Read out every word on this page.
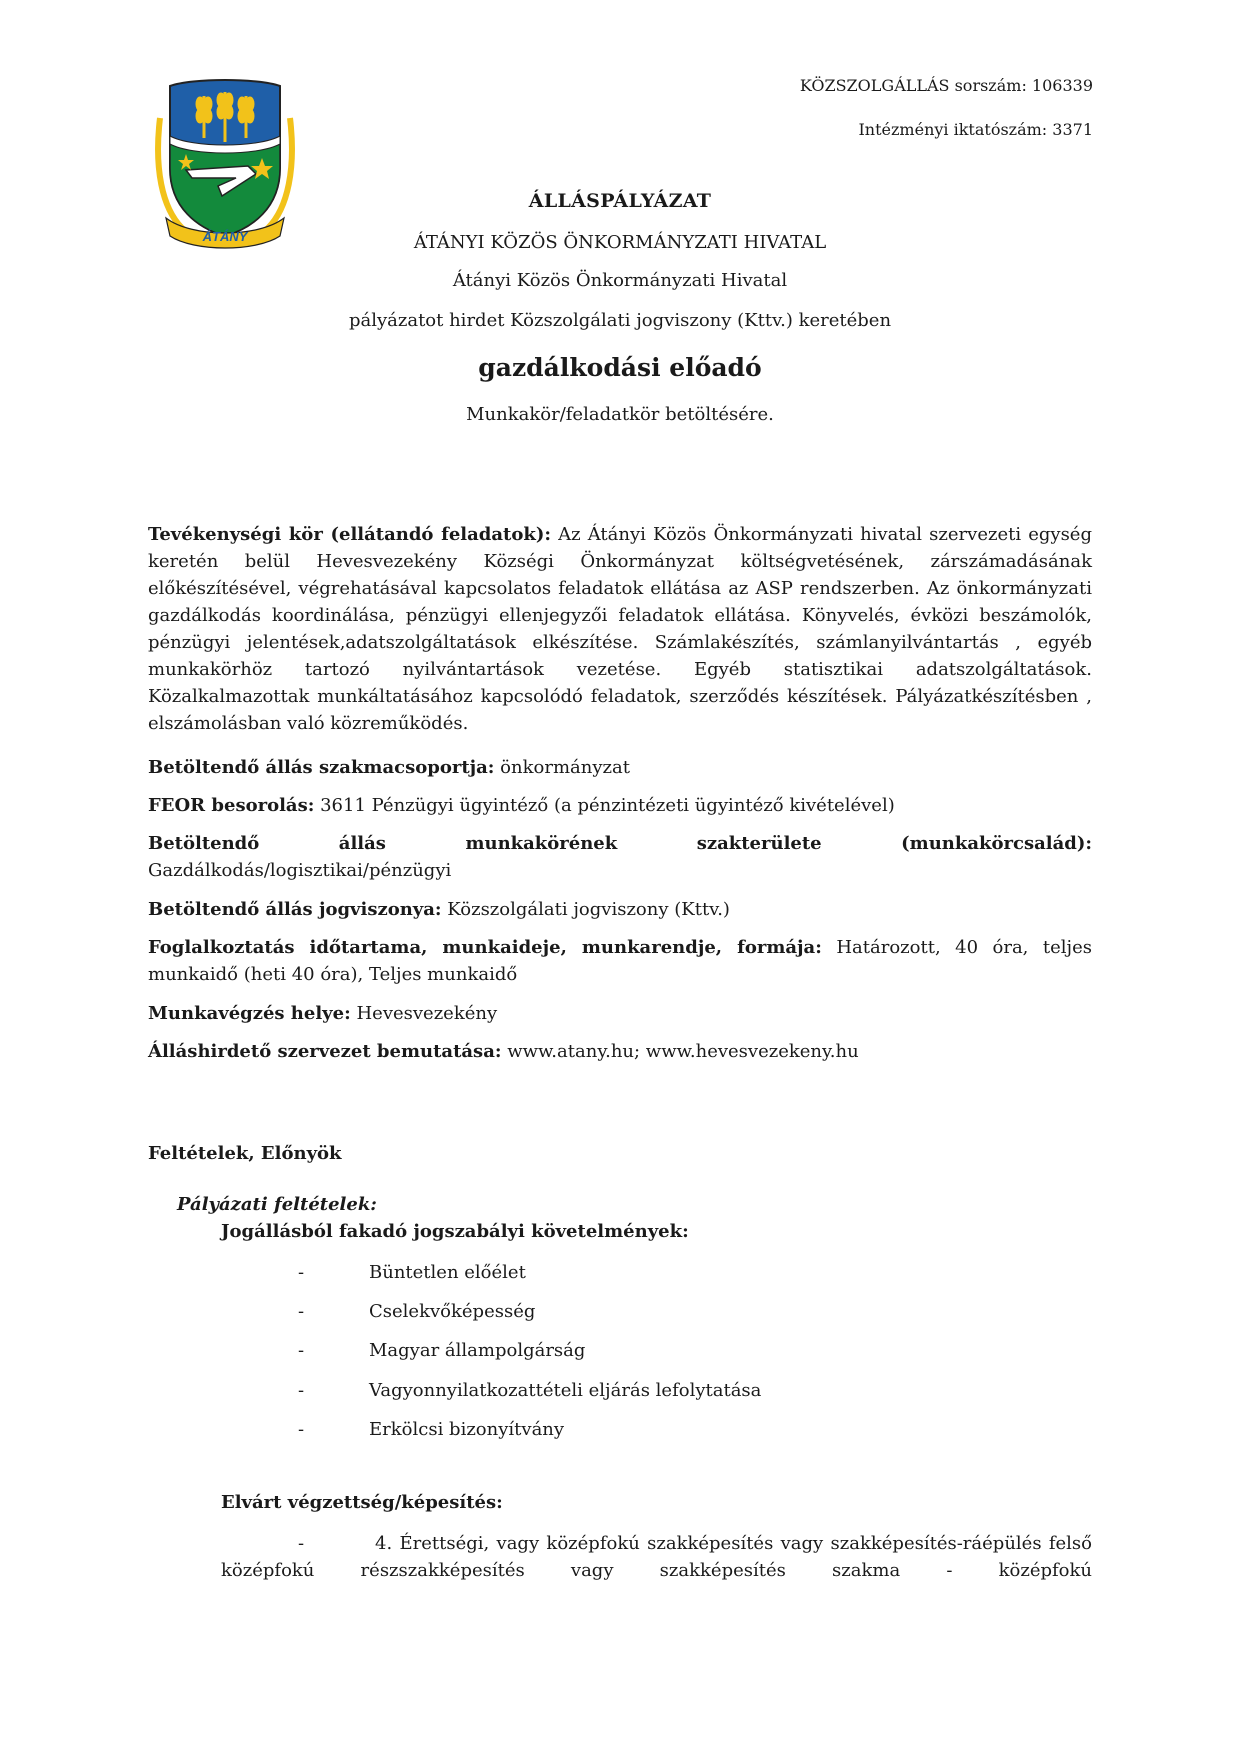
ÁTÁNY
KÖZSZOLGÁLLÁS sorszám: 106339
Intézményi iktatószám: 3371
ÁLLÁSPÁLYÁZAT
ÁTÁNYI KÖZÖS ÖNKORMÁNYZATI HIVATAL
Átányi Közös Önkormányzati Hivatal
pályázatot hirdet Közszolgálati jogviszony (Kttv.) keretében
gazdálkodási előadó
Munkakör/feladatkör betöltésére.
Tevékenységi kör (ellátandó feladatok): Az Átányi Közös Önkormányzati hivatal szervezeti egység keretén belül Hevesvezekény Községi Önkormányzat költségvetésének, zárszámadásának előkészítésével, végrehatásával kapcsolatos feladatok ellátása az ASP rendszerben. Az önkormányzati gazdálkodás koordinálása, pénzügyi ellenjegyzői feladatok ellátása. Könyvelés, évközi beszámolók, pénzügyi jelentések,adatszolgáltatások elkészítése. Számlakészítés, számlanyilvántartás , egyéb munkakörhöz tartozó nyilvántartások vezetése. Egyéb statisztikai adatszolgáltatások. Közalkalmazottak munkáltatásához kapcsolódó feladatok, szerződés készítések. Pályázatkészítésben , elszámolásban való közreműködés.
Betöltendő állás szakmacsoportja: önkormányzat
FEOR besorolás: 3611 Pénzügyi ügyintéző (a pénzintézeti ügyintéző kivételével)
Betöltendő állás munkakörének szakterülete (munkakörcsalád): Gazdálkodás/logisztikai/pénzügyi
Betöltendő állás jogviszonya: Közszolgálati jogviszony (Kttv.)
Foglalkoztatás időtartama, munkaideje, munkarendje, formája: Határozott, 40 óra, teljes munkaidő (heti 40 óra), Teljes munkaidő
Munkavégzés helye: Hevesvezekény
Álláshirdető szervezet bemutatása: www.atany.hu; www.hevesvezekeny.hu
Feltételek, Előnyök
Pályázati feltételek:
Jogállásból fakadó jogszabályi követelmények:
-	Büntetlen előélet
-	Cselekvőképesség
-	Magyar állampolgárság
-	Vagyonnyilatkozattételi eljárás lefolytatása
-	Erkölcsi bizonyítvány
Elvárt végzettség/képesítés:
-	4. Érettségi, vagy középfokú szakképesítés vagy szakképesítés-ráépülés felső középfokú részszakképesítés vagy szakképesítés szakma - középfokú
